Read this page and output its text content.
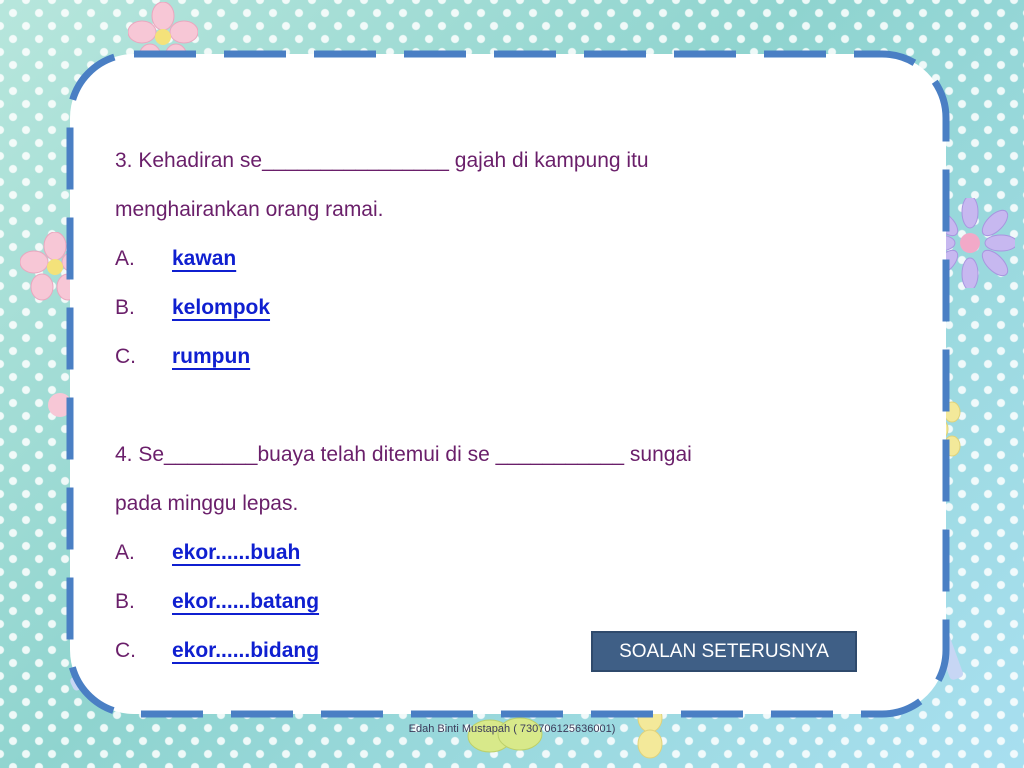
3. Kehadiran se________________ gajah di kampung itu
menghairankan orang ramai.
A. kawan
B. kelompok
C. rumpun
4. Se________buaya telah ditemui di se ___________ sungai
pada minggu lepas.
A. ekor......buah
B. ekor......batang
C. ekor......bidang	SOALAN SETERUSNYA
Edah Binti Mustapah ( 730706125636001)
